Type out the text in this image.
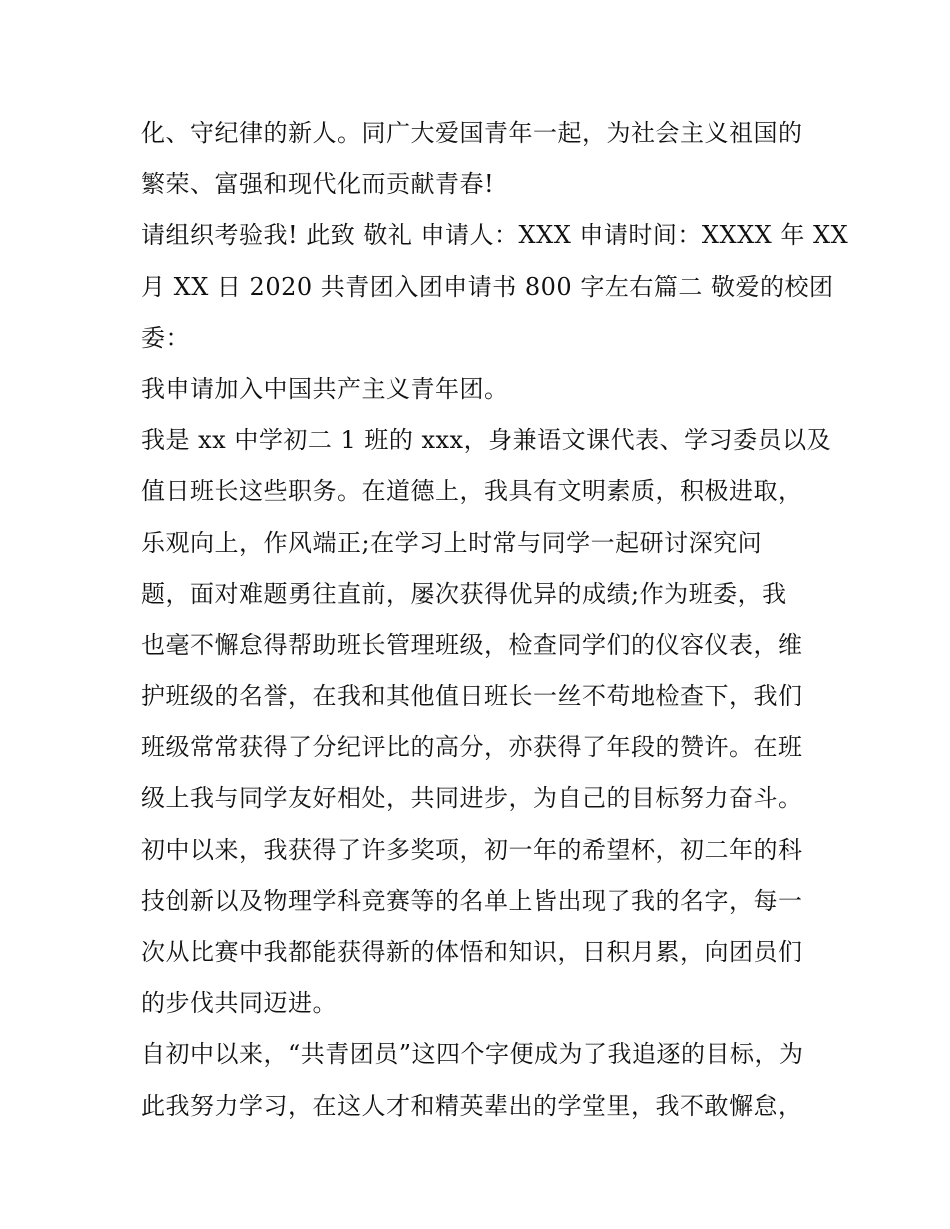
化、守纪律的新人。同广大爱国青年一起，为社会主义祖国的
繁荣、富强和现代化而贡献青春!
请组织考验我! 此致 敬礼 申请人：XXX 申请时间：XXXX 年 XX
月 XX 日 2020 共青团入团申请书 800 字左右篇二 敬爱的校团
委：
我申请加入中国共产主义青年团。
我是 xx 中学初二 1 班的 xxx，身兼语文课代表、学习委员以及
值日班长这些职务。在道德上，我具有文明素质，积极进取，
乐观向上，作风端正;在学习上时常与同学一起研讨深究问
题，面对难题勇往直前，屡次获得优异的成绩;作为班委，我
也毫不懈怠得帮助班长管理班级，检查同学们的仪容仪表，维
护班级的名誉，在我和其他值日班长一丝不苟地检查下，我们
班级常常获得了分纪评比的高分，亦获得了年段的赞许。在班
级上我与同学友好相处，共同进步，为自己的目标努力奋斗。
初中以来，我获得了许多奖项，初一年的希望杯，初二年的科
技创新以及物理学科竞赛等的名单上皆出现了我的名字，每一
次从比赛中我都能获得新的体悟和知识，日积月累，向团员们
的步伐共同迈进。
自初中以来，“共青团员”这四个字便成为了我追逐的目标，为
此我努力学习，在这人才和精英辈出的学堂里，我不敢懈怠，
